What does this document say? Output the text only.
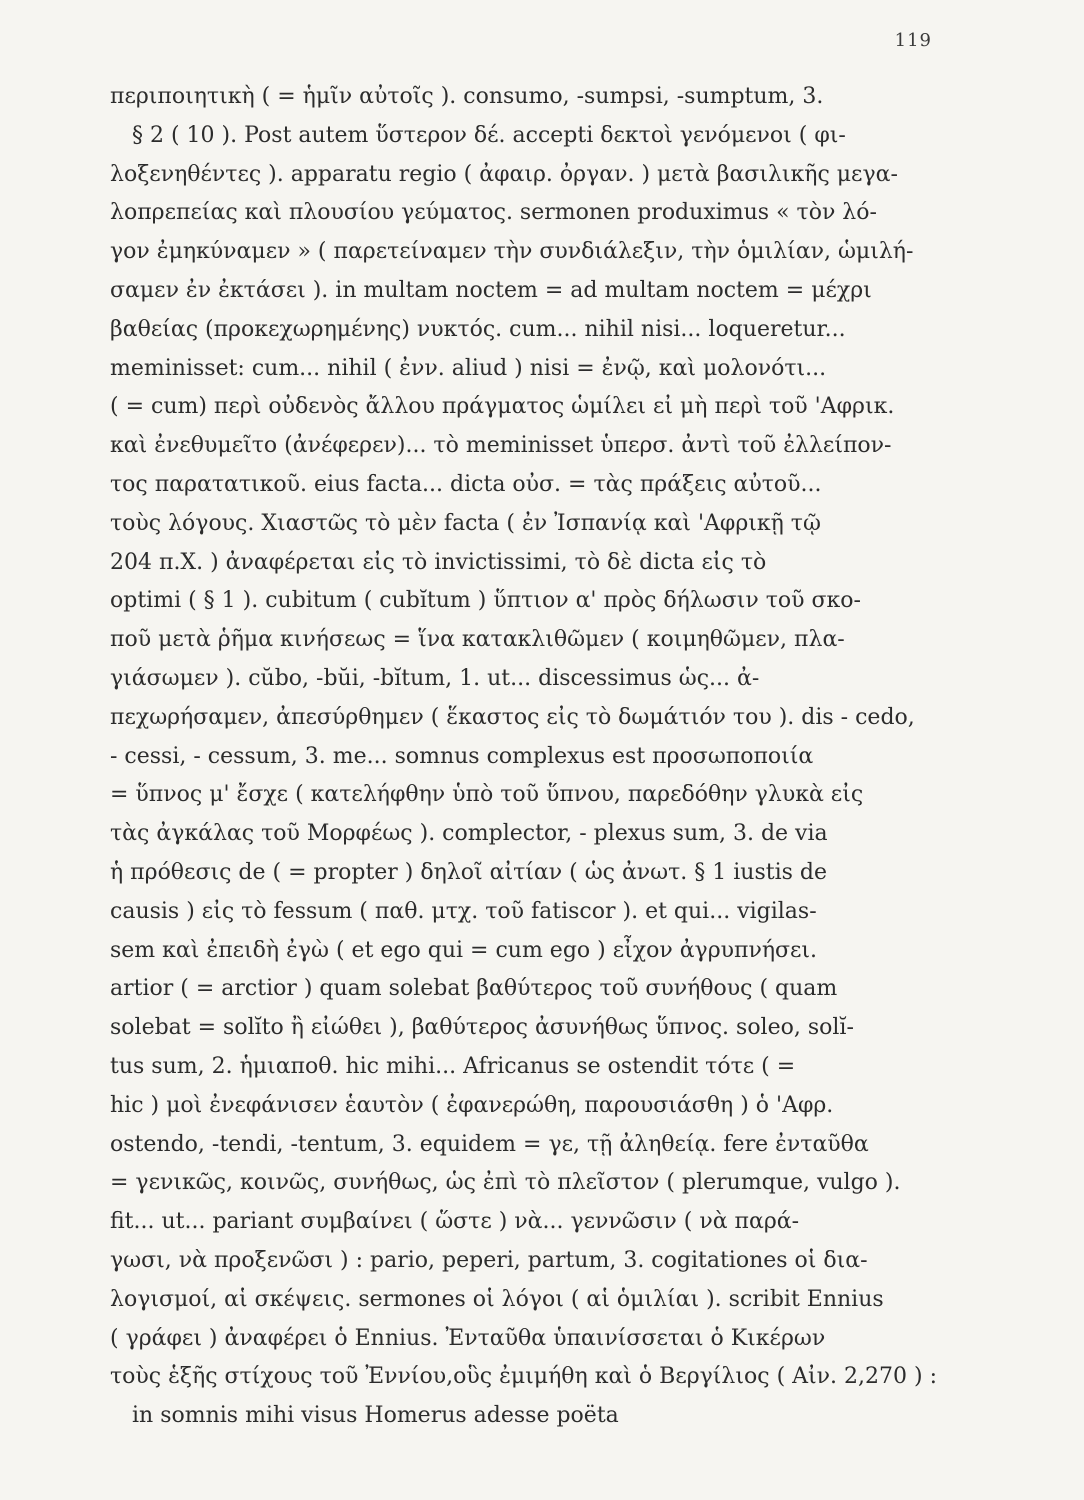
119
περιποιητικὴ ( = ἡμῖν αὐτοῖς ). consumo, -sumpsi, -sumptum, 3.
§ 2 ( 10 ). Post autem ὕστερον δέ. accepti δεκτοὶ γενόμενοι ( φι-
λοξενηθέντες ). apparatu regio ( ἀφαιρ. ὀργαν. ) μετὰ βασιλικῆς μεγα-
λοπρεπείας καὶ πλουσίου γεύματος. sermonen produximus « τὸν λό-
γον ἐμηκύναμεν » ( παρετείναμεν τὴν συνδιάλεξιν, τὴν ὁμιλίαν, ὡμιλή-
σαμεν ἐν ἐκτάσει ). in multam noctem = ad multam noctem = μέχρι
βαθείας (προκεχωρημένης) νυκτός. cum... nihil nisi... loqueretur...
meminisset: cum... nihil ( ἐνν. aliud ) nisi = ἐνῷ, καὶ μολονότι...
( = cum) περὶ οὐδενὸς ἄλλου πράγματος ὡμίλει εἰ μὴ περὶ τοῦ 'Αφρικ.
καὶ ἐνεθυμεῖτο (ἀνέφερεν)... τὸ meminisset ὑπερσ. ἀντὶ τοῦ ἐλλείπον-
τος παρατατικοῦ. eius facta... dicta οὐσ. = τὰς πράξεις αὐτοῦ...
τοὺς λόγους. Χιαστῶς τὸ μὲν facta ( ἐν Ἰσπανίᾳ καὶ 'Αφρικῇ τῷ
204 π.Χ. ) ἀναφέρεται εἰς τὸ invictissimi, τὸ δὲ dicta εἰς τὸ
optimi ( § 1 ). cubitum ( cubĭtum ) ὕπτιον α' πρὸς δήλωσιν τοῦ σκο-
ποῦ μετὰ ῥῆμα κινήσεως = ἵνα κατακλιθῶμεν ( κοιμηθῶμεν, πλα-
γιάσωμεν ). cŭbo, -bŭi, -bĭtum, 1. ut... discessimus ὡς... ἀ-
πεχωρήσαμεν, ἀπεσύρθημεν ( ἕκαστος εἰς τὸ δωμάτιόν του ). dis - cedo,
- cessi, - cessum, 3. me... somnus complexus est προσωποποιία
= ὕπνος μ' ἔσχε ( κατελήφθην ὑπὸ τοῦ ὕπνου, παρεδόθην γλυκὰ εἰς
τὰς ἀγκάλας τοῦ Μορφέως ). complector, - plexus sum, 3. de via
ἡ πρόθεσις de ( = propter ) δηλοῖ αἰτίαν ( ὡς ἀνωτ. § 1 iustis de
causis ) εἰς τὸ fessum ( παθ. μτχ. τοῦ fatiscor ). et qui... vigilas-
sem καὶ ἐπειδὴ ἐγὼ ( et ego qui = cum ego ) εἶχον ἀγρυπνήσει.
artior ( = arctior ) quam solebat βαθύτερος τοῦ συνήθους ( quam
solebat = solĭto ἢ εἰώθει ), βαθύτερος ἀσυνήθως ὕπνος. soleo, solĭ-
tus sum, 2. ἡμιαποθ. hic mihi... Africanus se ostendit τότε ( =
hic ) μοὶ ἐνεφάνισεν ἑαυτὸν ( ἐφανερώθη, παρουσιάσθη ) ὁ 'Αφρ.
ostendo, -tendi, -tentum, 3. equidem = γε, τῇ ἀληθείᾳ. fere ἐνταῦθα
= γενικῶς, κοινῶς, συνήθως, ὡς ἐπὶ τὸ πλεῖστον ( plerumque, vulgo ).
fit... ut... pariant συμβαίνει ( ὥστε ) νὰ... γεννῶσιν ( νὰ παρά-
γωσι, νὰ προξενῶσι ) : pario, peperi, partum, 3. cogitationes οἱ δια-
λογισμοί, αἱ σκέψεις. sermones οἱ λόγοι ( αἱ ὁμιλίαι ). scribit Ennius
( γράφει ) ἀναφέρει ὁ Ennius. Ἐνταῦθα ὑπαινίσσεται ὁ Κικέρων
τοὺς ἑξῆς στίχους τοῦ Ἐννίου,οὓς ἐμιμήθη καὶ ὁ Βεργίλιος ( Αἰν. 2,270 ) :
in somnis mihi visus Homerus adesse poëta
